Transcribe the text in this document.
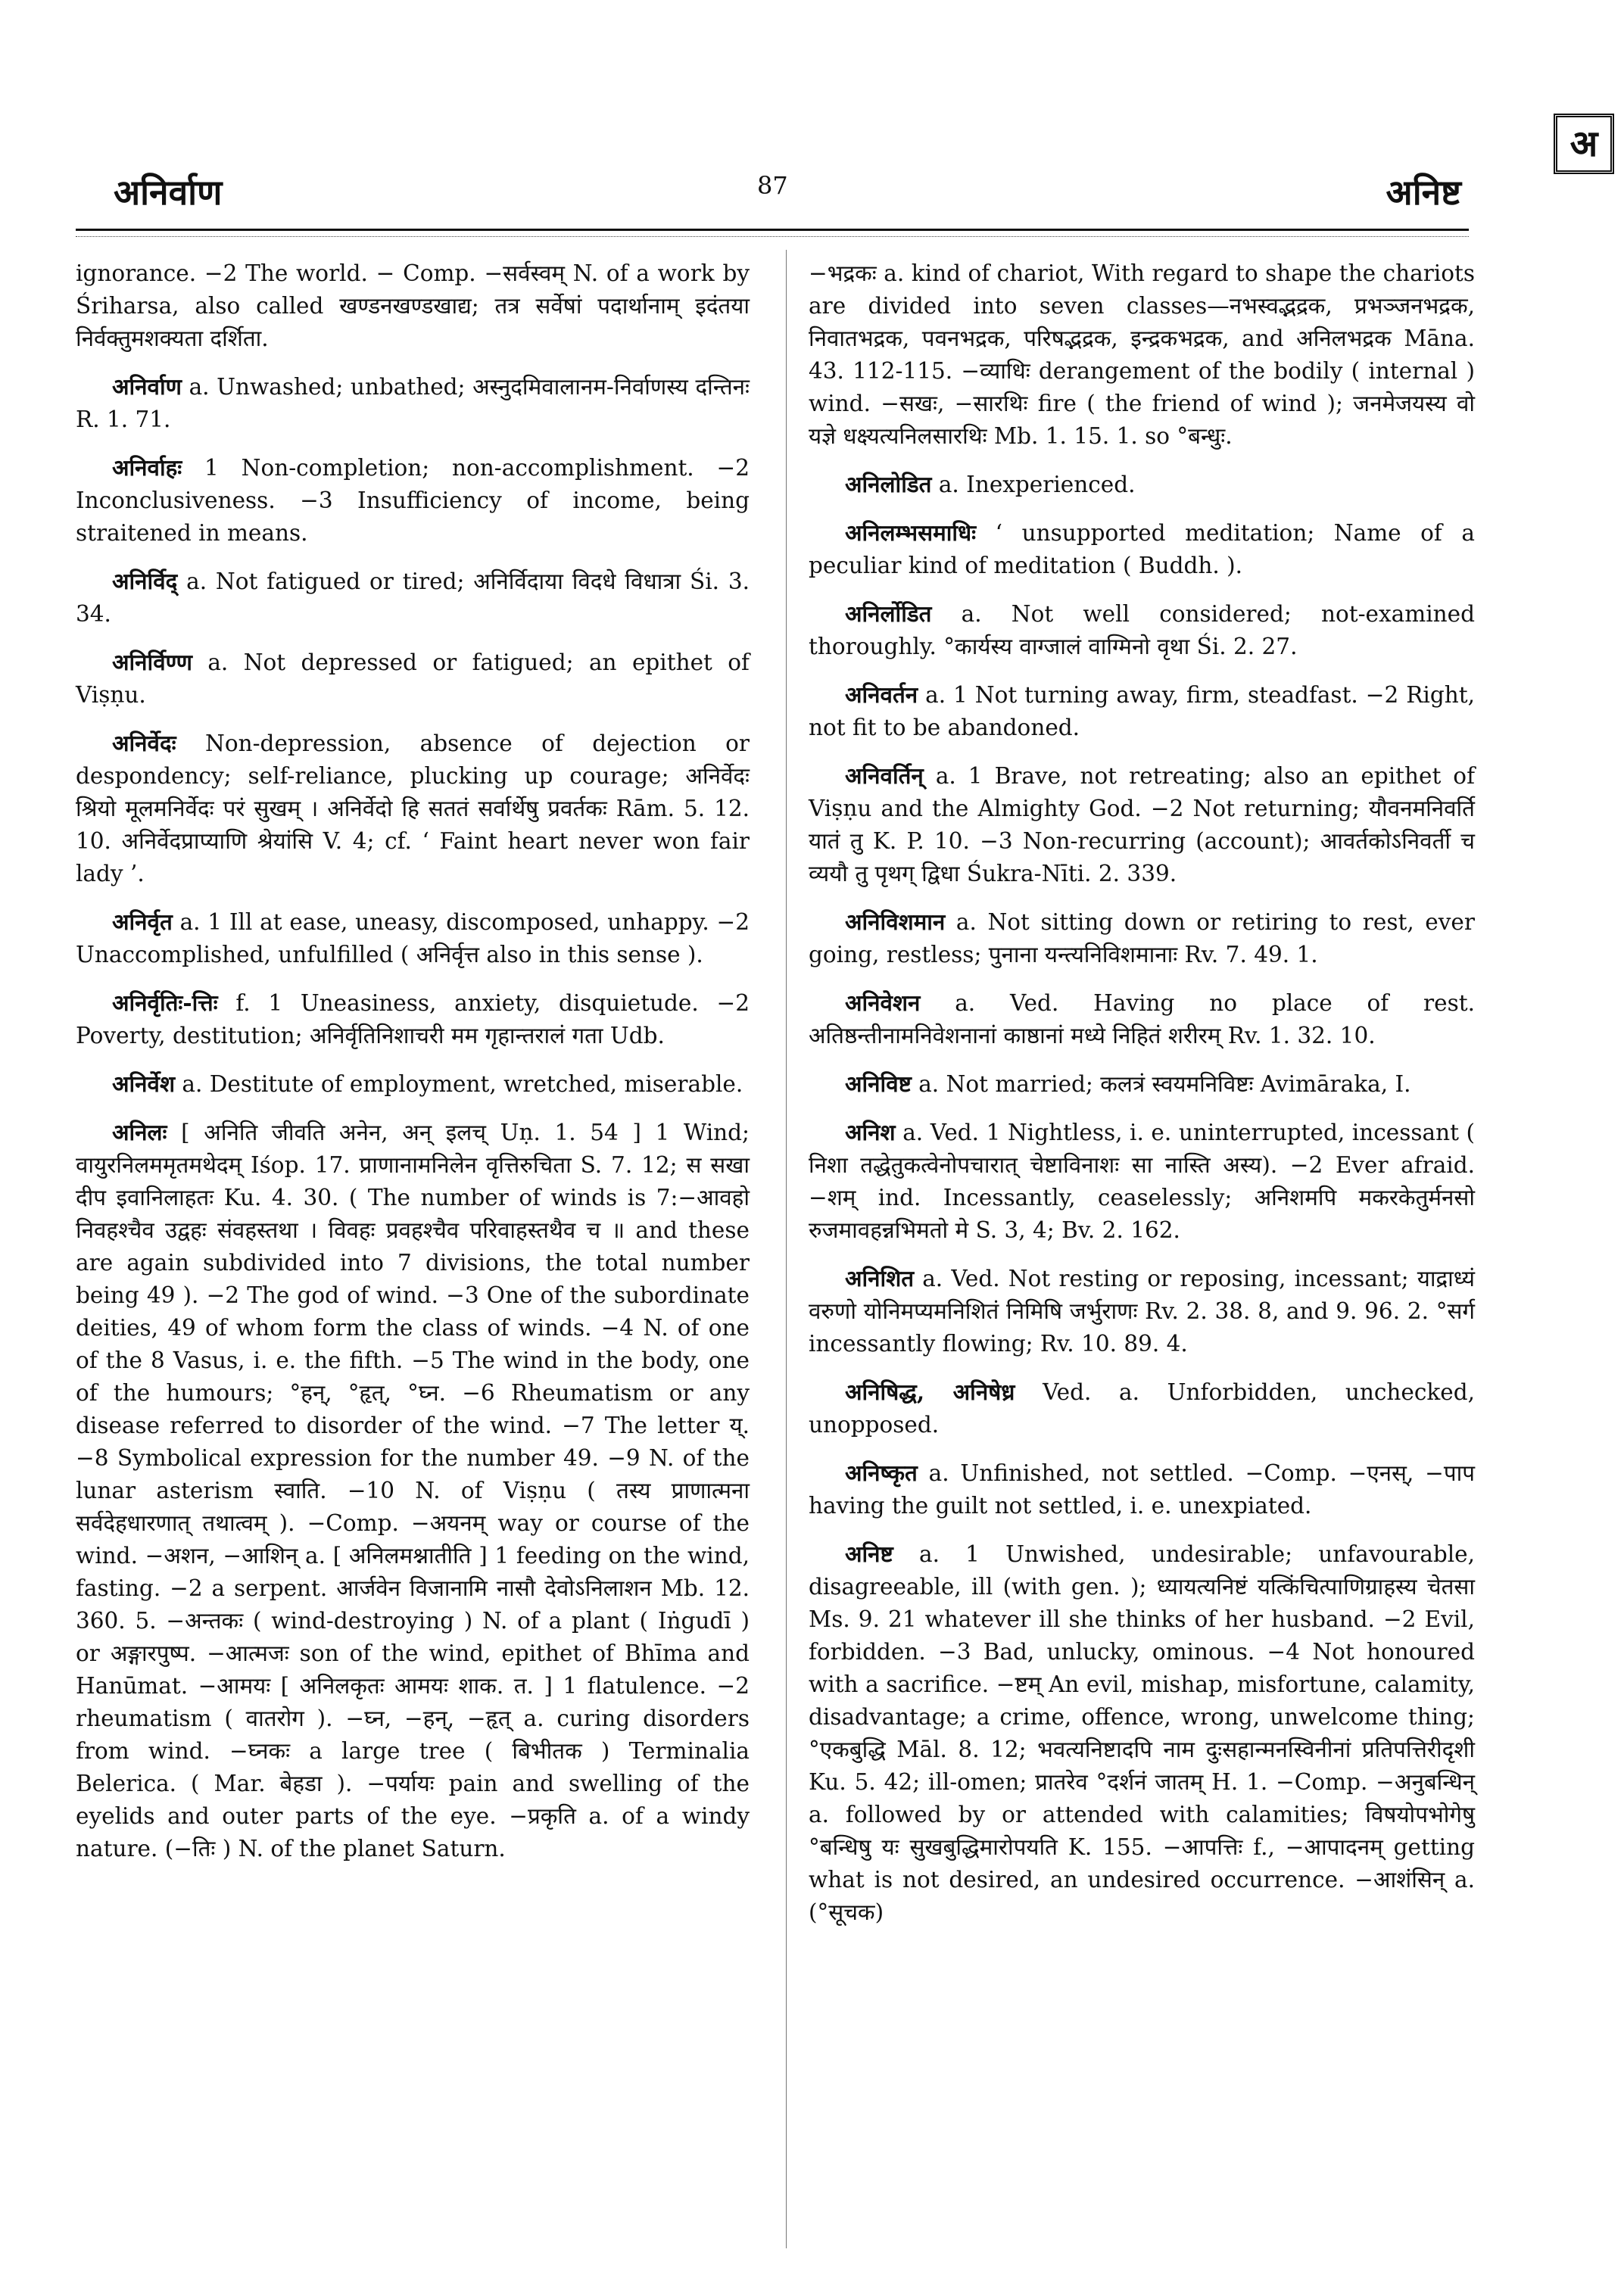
अ
अनिर्वाण	87	अनिष्ट

ignorance. −2 The world. − Comp. −सर्वस्वम् N. of a work by Śriharsa, also called खण्डनखण्डखाद्य; तत्र सर्वेषां पदार्थानाम् इदंतया निर्वक्तुमशक्यता दर्शिता.

अनिर्वाण a. Unwashed; unbathed; अस्नुदमिवालानम-निर्वाणस्य दन्तिनः R. 1. 71.

अनिर्वाहः 1 Non-completion; non-accomplishment. −2 Inconclusiveness. −3 Insufficiency of income, being straitened in means.

अनिर्विद् a. Not fatigued or tired; अनिर्विदाया विदधे विधात्रा Śi. 3. 34.

अनिर्विण्ण a. Not depressed or fatigued; an epithet of Viṣṇu.

अनिर्वेदः Non-depression, absence of dejection or despondency; self-reliance, plucking up courage; अनिर्वेदः श्रियो मूलमनिर्वेदः परं सुखम् । अनिर्वेदो हि सततं सर्वार्थेषु प्रवर्तकः Rām. 5. 12. 10. अनिर्वेदप्राप्याणि श्रेयांसि V. 4; cf. ‘ Faint heart never won fair lady ’.

अनिर्वृत a. 1 Ill at ease, uneasy, discomposed, unhappy. −2 Unaccomplished, unfulfilled ( अनिर्वृत्त also in this sense ).

अनिर्वृतिः-त्तिः f. 1 Uneasiness, anxiety, disquietude. −2 Poverty, destitution; अनिर्वृतिनिशाचरी मम गृहान्तरालं गता Udb.

अनिर्वेश a. Destitute of employment, wretched, miserable.

अनिलः [ अनिति जीवति अनेन, अन् इलच् Uṇ. 1. 54 ] 1 Wind; वायुरनिलममृतमथेदम् Iśop. 17. प्राणानामनिलेन वृत्तिरुचिता S. 7. 12; स सखा दीप इवानिलाहतः Ku. 4. 30. ( The number of winds is 7:−आवहो निवहश्चैव उद्वहः संवहस्तथा । विवहः प्रवहश्चैव परिवाहस्तथैव च ॥ and these are again subdivided into 7 divisions, the total number being 49 ). −2 The god of wind. −3 One of the subordinate deities, 49 of whom form the class of winds. −4 N. of one of the 8 Vasus, i. e. the fifth. −5 The wind in the body, one of the humours; °हन्, °हृत्, °घ्न. −6 Rheumatism or any disease referred to disorder of the wind. −7 The letter य्. −8 Symbolical expression for the number 49. −9 N. of the lunar asterism स्वाति. −10 N. of Viṣṇu ( तस्य प्राणात्मना सर्वदेहधारणात् तथात्वम् ). −Comp. −अयनम् way or course of the wind. −अशन, −आशिन् a. [ अनिलमश्नातीति ] 1 feeding on the wind, fasting. −2 a serpent. आर्जवेन विजानामि नासौ देवोऽनिलाशन Mb. 12. 360. 5. −अन्तकः ( wind-destroying ) N. of a plant ( Iṅgudī ) or अङ्गारपुष्प. −आत्मजः son of the wind, epithet of Bhīma and Hanūmat. −आमयः [ अनिलकृतः आमयः शाक. त. ] 1 flatulence. −2 rheumatism ( वातरोग ). −घ्न, −हन्, −हृत् a. curing disorders from wind. −घ्नकः a large tree ( बिभीतक ) Terminalia Belerica. ( Mar. बेहडा ). −पर्यायः pain and swelling of the eyelids and outer parts of the eye. −प्रकृति a. of a windy nature. (−तिः ) N. of the planet Saturn.

−भद्रकः a. kind of chariot, With regard to shape the chariots are divided into seven classes—नभस्वद्भद्रक, प्रभञ्जनभद्रक, निवातभद्रक, पवनभद्रक, परिषद्भद्रक, इन्द्रकभद्रक, and अनिलभद्रक Māna. 43. 112-115. −व्याधिः derangement of the bodily ( internal ) wind. −सखः, −सारथिः fire ( the friend of wind ); जनमेजयस्य वो यज्ञे धक्ष्यत्यनिलसारथिः Mb. 1. 15. 1. so °बन्धुः.

अनिलोडित a. Inexperienced.

अनिलम्भसमाधिः ‘ unsupported meditation; Name of a peculiar kind of meditation ( Buddh. ).

अनिर्लोडित a. Not well considered; not-examined thoroughly. °कार्यस्य वाग्जालं वाग्मिनो वृथा Śi. 2. 27.

अनिवर्तन a. 1 Not turning away, firm, steadfast. −2 Right, not fit to be abandoned.

अनिवर्तिन् a. 1 Brave, not retreating; also an epithet of Viṣṇu and the Almighty God. −2 Not returning; यौवनमनिवर्ति यातं तु K. P. 10. −3 Non-recurring (account); आवर्तकोऽनिवर्ती च व्ययौ तु पृथग् द्विधा Śukra-Nīti. 2. 339.

अनिविशमान a. Not sitting down or retiring to rest, ever going, restless; पुनाना यन्त्यनिविशमानाः Rv. 7. 49. 1.

अनिवेशन a. Ved. Having no place of rest. अतिष्ठन्तीनामनिवेशनानां काष्ठानां मध्ये निहितं शरीरम् Rv. 1. 32. 10.

अनिविष्ट a. Not married; कलत्रं स्वयमनिविष्टः Avimāraka, I.

अनिश a. Ved. 1 Nightless, i. e. uninterrupted, incessant ( निशा तद्धेतुकत्वेनोपचारात् चेष्टाविनाशः सा नास्ति अस्य). −2 Ever afraid. −शम् ind. Incessantly, ceaselessly; अनिशमपि मकरकेतुर्मनसो रुजमावहन्नभिमतो मे S. 3, 4; Bv. 2. 162.

अनिशित a. Ved. Not resting or reposing, incessant; याद्राध्यं वरुणो योनिमप्यमनिशितं निमिषि जर्भुराणः Rv. 2. 38. 8, and 9. 96. 2. °सर्ग incessantly flowing; Rv. 10. 89. 4.

अनिषिद्ध, अनिषेध्र Ved. a. Unforbidden, unchecked, unopposed.

अनिष्कृत a. Unfinished, not settled. −Comp. −एनस्, −पाप having the guilt not settled, i. e. unexpiated.

अनिष्ट a. 1 Unwished, undesirable; unfavourable, disagreeable, ill (with gen. ); ध्यायत्यनिष्टं यत्किंचित्पाणिग्राहस्य चेतसा Ms. 9. 21 whatever ill she thinks of her husband. −2 Evil, forbidden. −3 Bad, unlucky, ominous. −4 Not honoured with a sacrifice. −ष्टम् An evil, mishap, misfortune, calamity, disadvantage; a crime, offence, wrong, unwelcome thing; °एकबुद्धि Māl. 8. 12; भवत्यनिष्टादपि नाम दुःसहान्मनस्विनीनां प्रतिपत्तिरीदृशी Ku. 5. 42; ill-omen; प्रातरेव °दर्शनं जातम् H. 1. −Comp. −अनुबन्धिन् a. followed by or attended with calamities; विषयोपभोगेषु °बन्धिषु यः सुखबुद्धिमारोपयति K. 155. −आपत्तिः f., −आपादनम् getting what is not desired, an undesired occurrence. −आशंसिन् a. (°सूचक)
